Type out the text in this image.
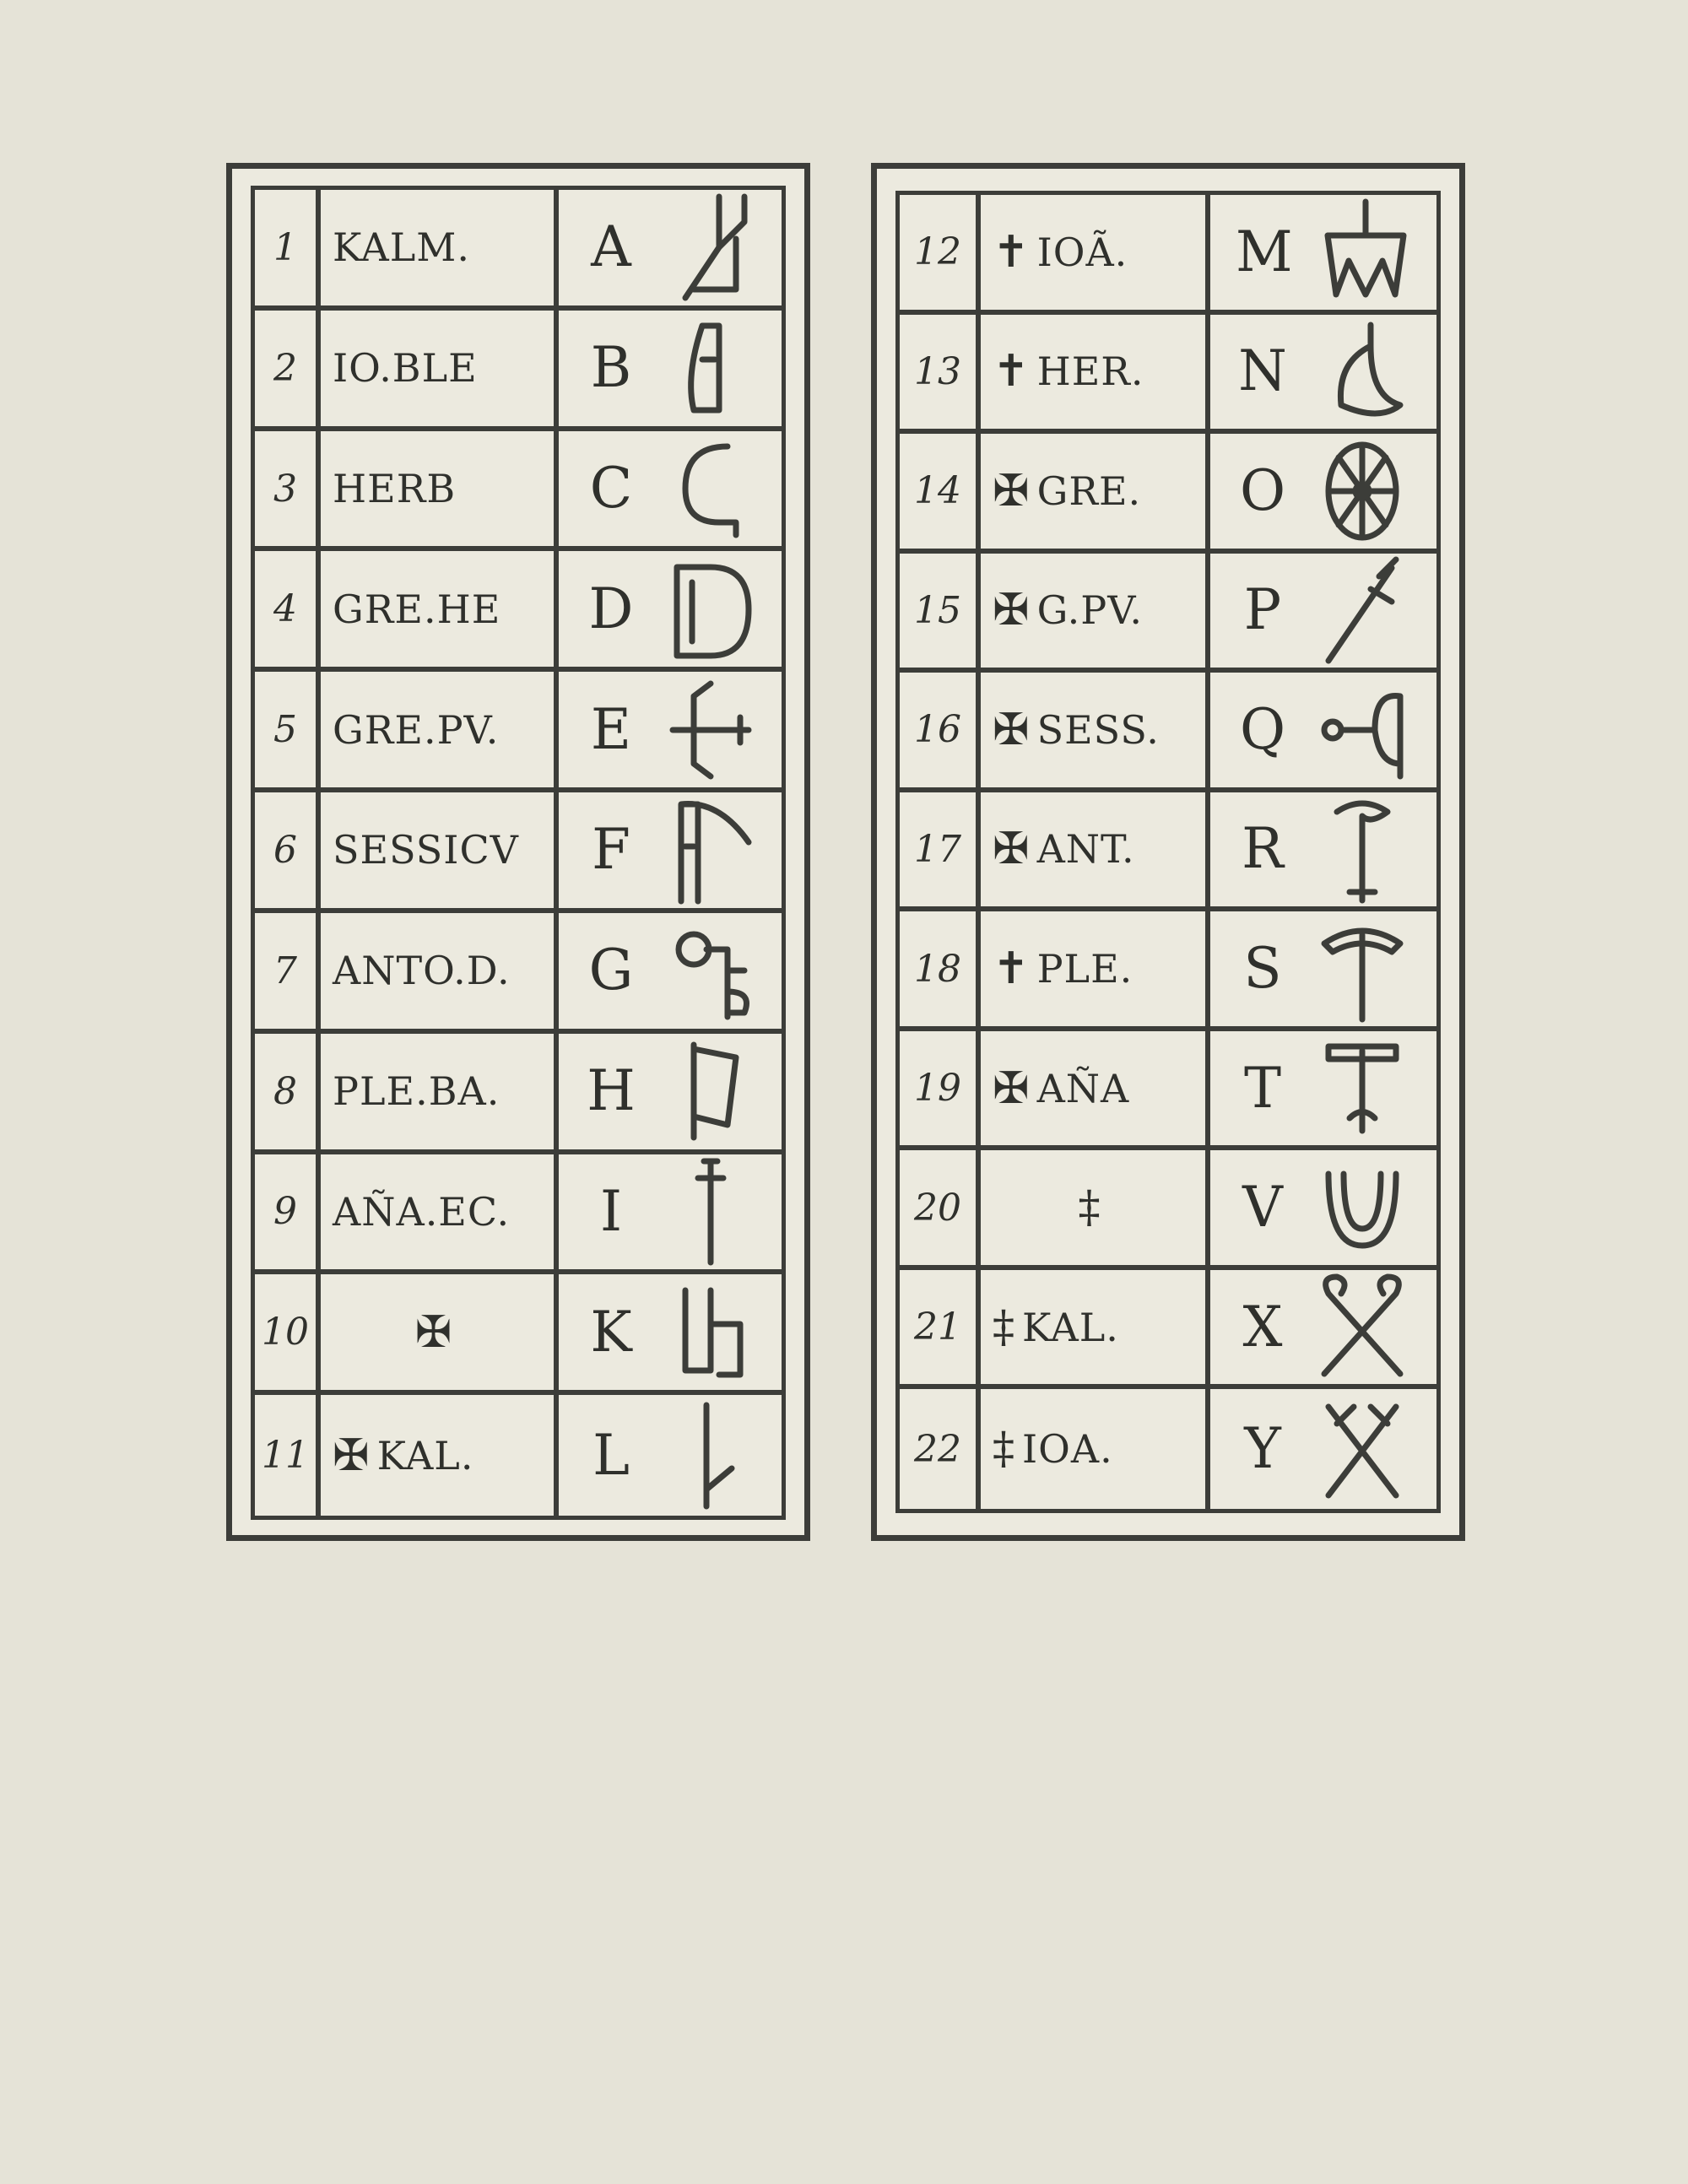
1 KALM. A
2 IO.BLE B
3 HERB C
4 GRE.HE D
5 GRE.PV. E
6 SESSICV F
7 ANTO.D. G
8 PLE.BA. H
9 AÑA.EC. I
10 ✠ K
11 ✠ KAL. L
12 ✝ IOÃ. M
13 ✝ HER. N
14 ✠ GRE. O
15 ✠ G.PV. P
16 ✠ SESS. Q
17 ✠ ANT. R
18 ✝ PLE. S
19 ✠ AÑA T
20	‡	V
21 ‡ KAL. X
22 ‡ IOA. Y
